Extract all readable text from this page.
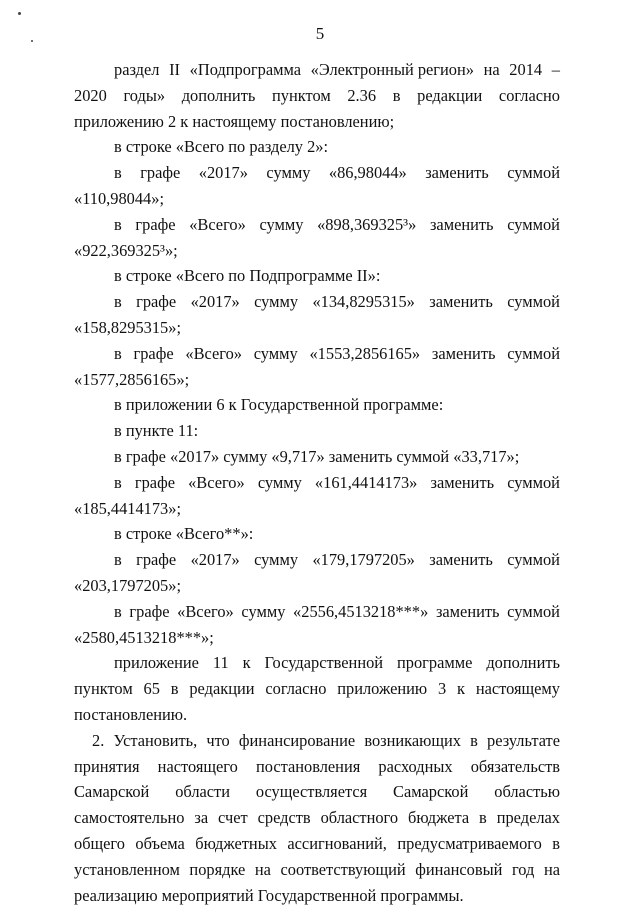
5
раздел II «Подпрограмма «Электронный регион» на 2014 –

2020 годы» дополнить пунктом 2.36 в редакции согласно приложению 2 к настоящему постановлению;

в строке «Всего по разделу 2»:

в графе «2017» сумму «86,98044» заменить суммой «110,98044»;

в графе «Всего» сумму «898,369325³» заменить суммой

«922,369325³»;

в строке «Всего по Подпрограмме II»:

в графе «2017» сумму «134,8295315» заменить суммой

«158,8295315»;

в графе «Всего» сумму «1553,2856165» заменить суммой

«1577,2856165»;

в приложении 6 к Государственной программе:

в пункте 11:

в графе «2017» сумму «9,717» заменить суммой «33,717»;

в графе «Всего» сумму «161,4414173» заменить суммой

«185,4414173»;

в строке «Всего**»:

в графе «2017» сумму «179,1797205» заменить суммой

«203,1797205»;

в графе «Всего» сумму «2556,4513218***» заменить суммой

«2580,4513218***»;

приложение 11 к Государственной программе дополнить пунктом 65 в редакции согласно приложению 3 к настоящему постановлению.

2. Установить, что финансирование возникающих в результате принятия настоящего постановления расходных обязательств Самарской области осуществляется Самарской областью самостоятельно за счет средств областного бюджета в пределах общего объема бюджетных ассигнований, предусматриваемого в установленном порядке на соответствующий финансовый год на реализацию мероприятий Государственной программы.
